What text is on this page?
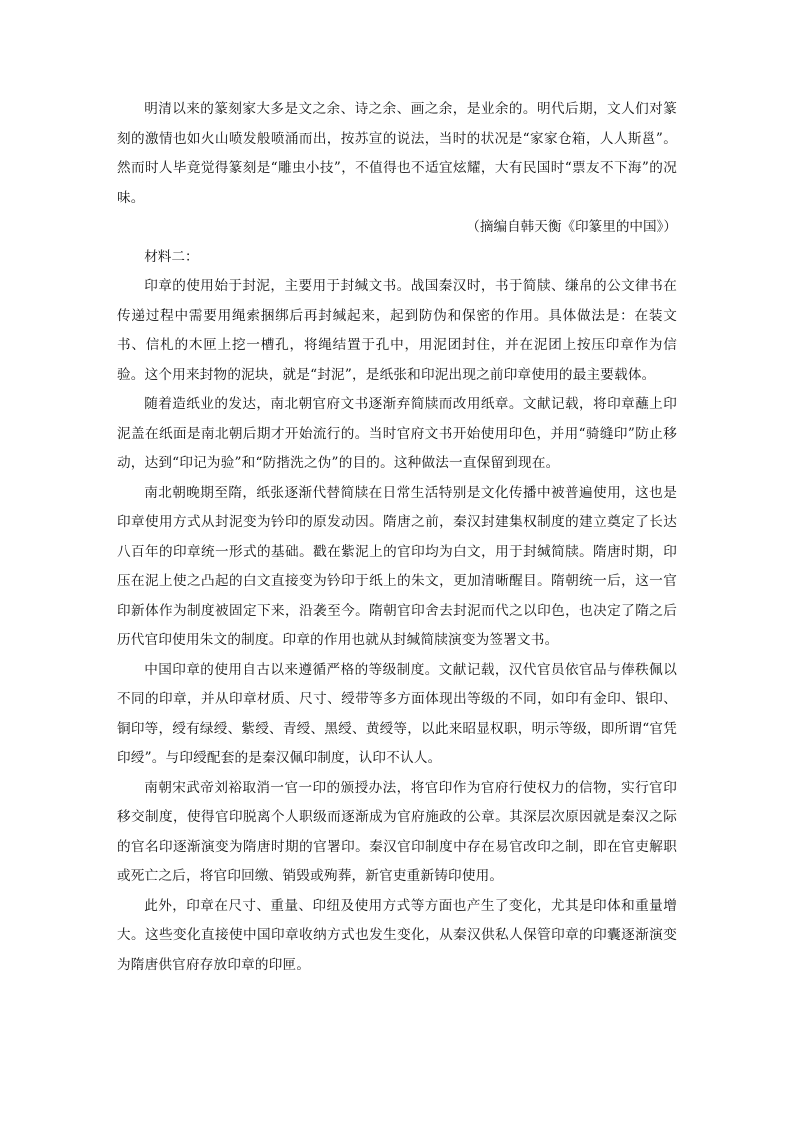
明清以来的篆刻家大多是文之余、诗之余、画之余，是业余的。明代后期，文人们对篆刻的激情也如火山喷发般喷涌而出，按苏宣的说法，当时的状况是“家家仓箱，人人斯邕”。然而时人毕竟觉得篆刻是“雕虫小技”，不值得也不适宜炫耀，大有民国时“票友不下海”的况味。

（摘编自韩天衡《印篆里的中国》）

材料二：

印章的使用始于封泥，主要用于封缄文书。战国秦汉时，书于简牍、缣帛的公文律书在传递过程中需要用绳索捆绑后再封缄起来，起到防伪和保密的作用。具体做法是：在装文书、信札的木匣上挖一槽孔，将绳结置于孔中，用泥团封住，并在泥团上按压印章作为信验。这个用来封物的泥块，就是“封泥”，是纸张和印泥出现之前印章使用的最主要载体。

随着造纸业的发达，南北朝官府文书逐渐弃简牍而改用纸章。文献记载，将印章蘸上印泥盖在纸面是南北朝后期才开始流行的。当时官府文书开始使用印色，并用“骑缝印”防止移动，达到“印记为验”和“防揩洗之伪”的目的。这种做法一直保留到现在。

南北朝晚期至隋，纸张逐渐代替简牍在日常生活特别是文化传播中被普遍使用，这也是印章使用方式从封泥变为钤印的原发动因。隋唐之前，秦汉封建集权制度的建立奠定了长达八百年的印章统一形式的基础。戳在紫泥上的官印均为白文，用于封缄简牍。隋唐时期，印压在泥上使之凸起的白文直接变为钤印于纸上的朱文，更加清晰醒目。隋朝统一后，这一官印新体作为制度被固定下来，沿袭至今。隋朝官印舍去封泥而代之以印色，也决定了隋之后历代官印使用朱文的制度。印章的作用也就从封缄简牍演变为签署文书。

中国印章的使用自古以来遵循严格的等级制度。文献记载，汉代官员依官品与俸秩佩以不同的印章，并从印章材质、尺寸、绶带等多方面体现出等级的不同，如印有金印、银印、铜印等，绶有绿绶、紫绶、青绶、黑绶、黄绶等，以此来昭显权职，明示等级，即所谓“官凭印绶”。与印绶配套的是秦汉佩印制度，认印不认人。

南朝宋武帝刘裕取消一官一印的颁授办法，将官印作为官府行使权力的信物，实行官印移交制度，使得官印脱离个人职级而逐渐成为官府施政的公章。其深层次原因就是秦汉之际的官名印逐渐演变为隋唐时期的官署印。秦汉官印制度中存在易官改印之制，即在官吏解职或死亡之后，将官印回缴、销毁或殉葬，新官吏重新铸印使用。

此外，印章在尺寸、重量、印纽及使用方式等方面也产生了变化，尤其是印体和重量增大。这些变化直接使中国印章收纳方式也发生变化，从秦汉供私人保管印章的印囊逐渐演变为隋唐供官府存放印章的印匣。
